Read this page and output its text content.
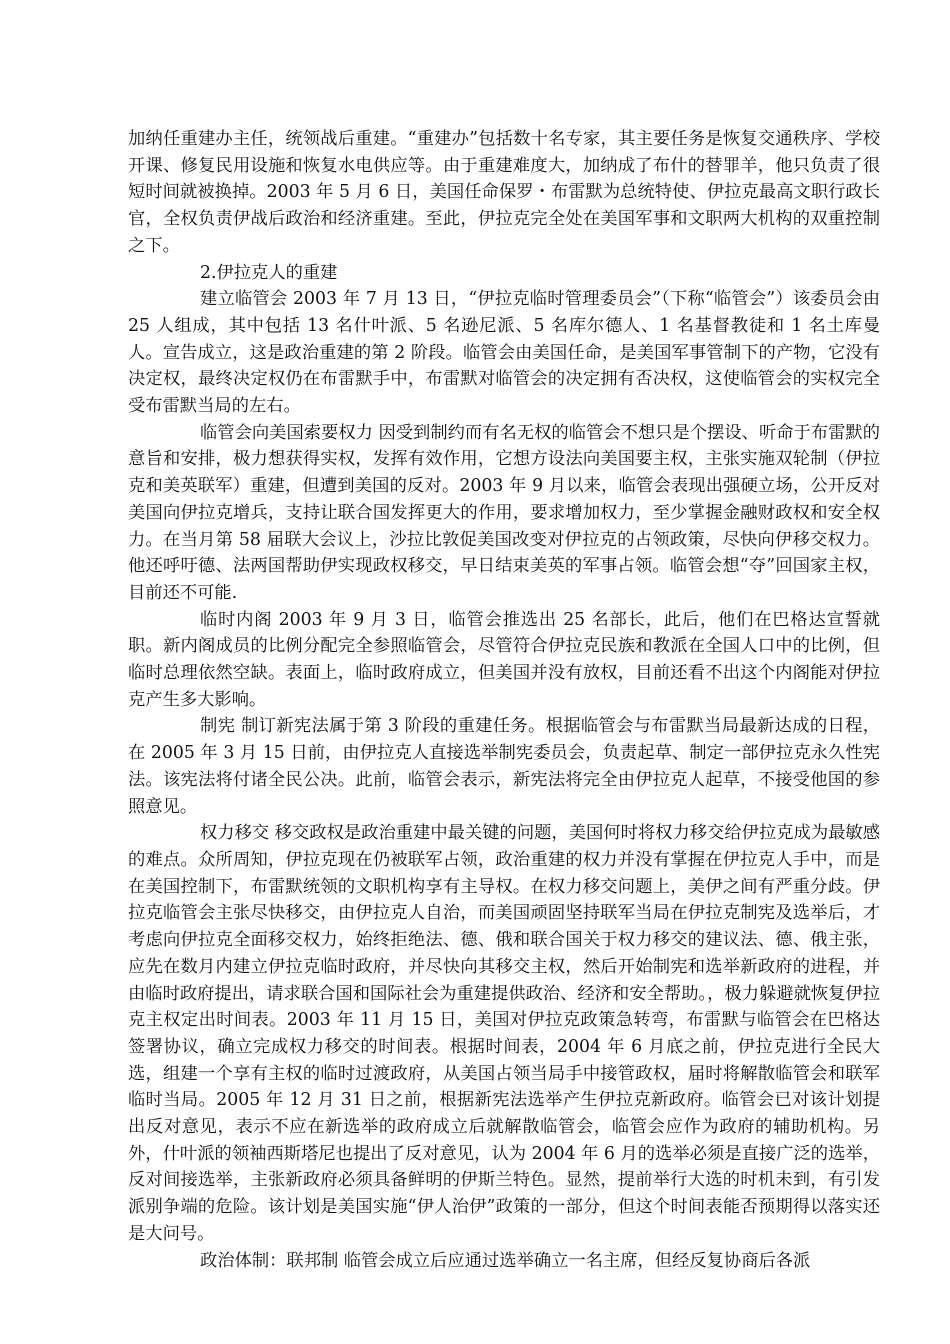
加纳任重建办主任，统领战后重建。“重建办”包括数十名专家，其主要任务是恢复交通秩序、学校开课、修复民用设施和恢复水电供应等。由于重建难度大，加纳成了布什的替罪羊，他只负责了很短时间就被换掉。2003 年 5 月 6 日，美国任命保罗・布雷默为总统特使、伊拉克最高文职行政长官，全权负责伊战后政治和经济重建。至此，伊拉克完全处在美国军事和文职两大机构的双重控制之下。

2.伊拉克人的重建

建立临管会 2003 年 7 月 13 日，“伊拉克临时管理委员会”（下称“临管会”）该委员会由 25 人组成，其中包括 13 名什叶派、5 名逊尼派、5 名库尔德人、1 名基督教徒和 1 名土库曼人。宣告成立，这是政治重建的第 2 阶段。临管会由美国任命，是美国军事管制下的产物，它没有决定权，最终决定权仍在布雷默手中，布雷默对临管会的决定拥有否决权，这使临管会的实权完全受布雷默当局的左右。

临管会向美国索要权力 因受到制约而有名无权的临管会不想只是个摆设、听命于布雷默的意旨和安排，极力想获得实权，发挥有效作用，它想方设法向美国要主权，主张实施双轮制（伊拉克和美英联军）重建，但遭到美国的反对。2003 年 9 月以来，临管会表现出强硬立场，公开反对美国向伊拉克增兵，支持让联合国发挥更大的作用，要求增加权力，至少掌握金融财政权和安全权力。在当月第 58 届联大会议上，沙拉比敦促美国改变对伊拉克的占领政策，尽快向伊移交权力。他还呼吁德、法两国帮助伊实现政权移交，早日结束美英的军事占领。临管会想“夺”回国家主权，目前还不可能.

临时内阁 2003 年 9 月 3 日，临管会推选出 25 名部长，此后，他们在巴格达宣誓就职。新内阁成员的比例分配完全参照临管会，尽管符合伊拉克民族和教派在全国人口中的比例，但临时总理依然空缺。表面上，临时政府成立，但美国并没有放权，目前还看不出这个内阁能对伊拉克产生多大影响。

制宪 制订新宪法属于第 3 阶段的重建任务。根据临管会与布雷默当局最新达成的日程，在 2005 年 3 月 15 日前，由伊拉克人直接选举制宪委员会，负责起草、制定一部伊拉克永久性宪法。该宪法将付诸全民公决。此前，临管会表示，新宪法将完全由伊拉克人起草，不接受他国的参照意见。

权力移交 移交政权是政治重建中最关键的问题，美国何时将权力移交给伊拉克成为最敏感的难点。众所周知，伊拉克现在仍被联军占领，政治重建的权力并没有掌握在伊拉克人手中，而是在美国控制下，布雷默统领的文职机构享有主导权。在权力移交问题上，美伊之间有严重分歧。伊拉克临管会主张尽快移交，由伊拉克人自治，而美国顽固坚持联军当局在伊拉克制宪及选举后，才考虑向伊拉克全面移交权力，始终拒绝法、德、俄和联合国关于权力移交的建议法、德、俄主张，应先在数月内建立伊拉克临时政府，并尽快向其移交主权，然后开始制宪和选举新政府的进程，并由临时政府提出，请求联合国和国际社会为重建提供政治、经济和安全帮助。，极力躲避就恢复伊拉克主权定出时间表。2003 年 11 月 15 日，美国对伊拉克政策急转弯，布雷默与临管会在巴格达签署协议，确立完成权力移交的时间表。根据时间表，2004 年 6 月底之前，伊拉克进行全民大选，组建一个享有主权的临时过渡政府，从美国占领当局手中接管政权，届时将解散临管会和联军临时当局。2005 年 12 月 31 日之前，根据新宪法选举产生伊拉克新政府。临管会已对该计划提出反对意见，表示不应在新选举的政府成立后就解散临管会，临管会应作为政府的辅助机构。另外，什叶派的领袖西斯塔尼也提出了反对意见，认为 2004 年 6 月的选举必须是直接广泛的选举，反对间接选举，主张新政府必须具备鲜明的伊斯兰特色。显然，提前举行大选的时机未到，有引发派别争端的危险。该计划是美国实施“伊人治伊”政策的一部分，但这个时间表能否预期得以落实还是大问号。

政治体制：联邦制 临管会成立后应通过选举确立一名主席，但经反复协商后各派
